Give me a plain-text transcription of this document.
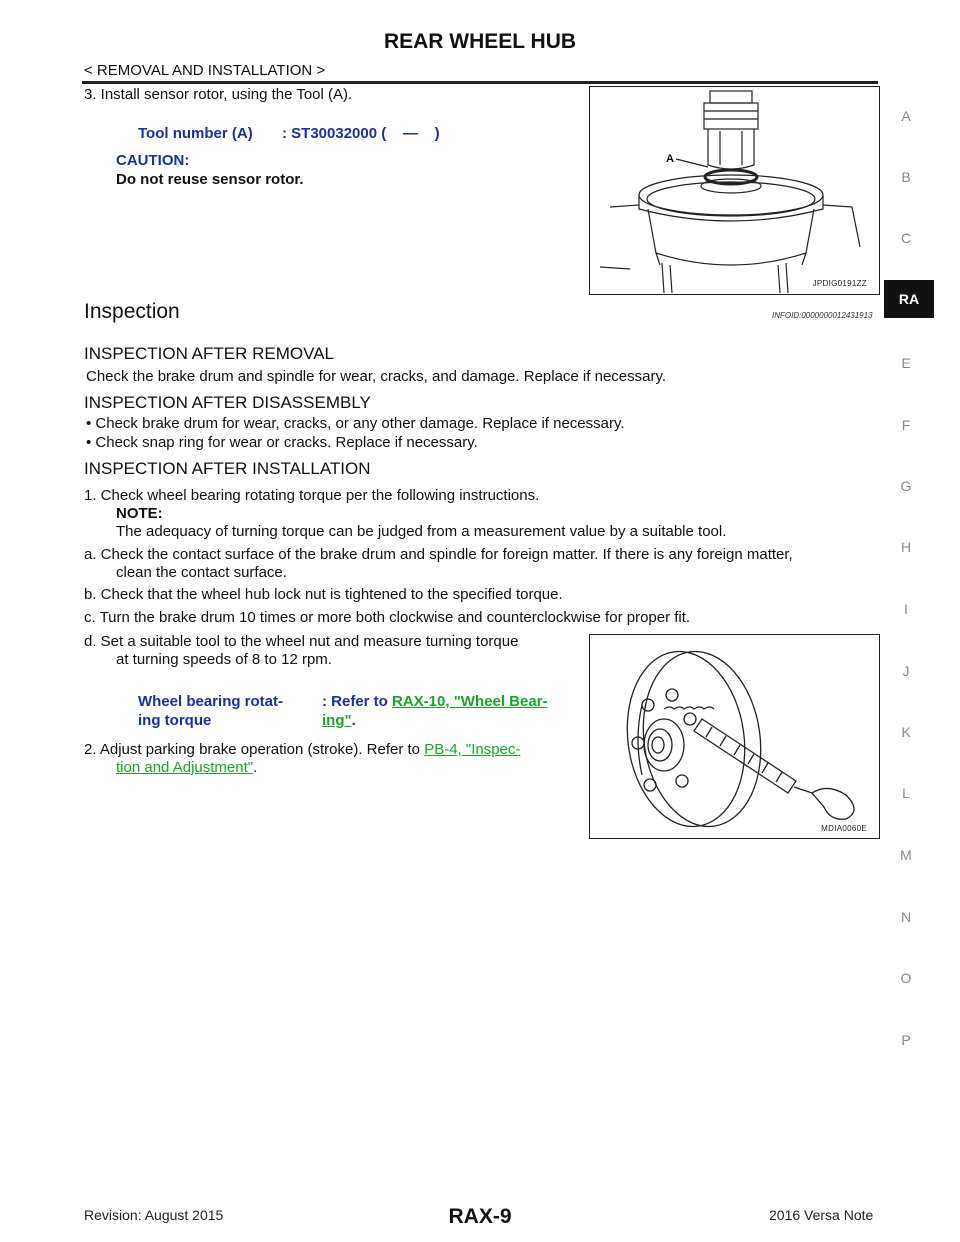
REAR WHEEL HUB
< REMOVAL AND INSTALLATION >
A
B
C
RA
E
F
G
H
I
J
K
L
M
N
O
P
3. Install sensor rotor, using the Tool (A).
Tool number (A) : ST30032000 (    —    )
CAUTION:
Do not reuse sensor rotor.
A
JPDIG0191ZZ
Inspection	INFOID:0000000012431913
INSPECTION AFTER REMOVAL
Check the brake drum and spindle for wear, cracks, and damage. Replace if necessary.
INSPECTION AFTER DISASSEMBLY
• Check brake drum for wear, cracks, or any other damage. Replace if necessary.
• Check snap ring for wear or cracks. Replace if necessary.
INSPECTION AFTER INSTALLATION
1. Check wheel bearing rotating torque per the following instructions.
NOTE:
The adequacy of turning torque can be judged from a measurement value by a suitable tool.
a. Check the contact surface of the brake drum and spindle for foreign matter. If there is any foreign matter,
clean the contact surface.
b. Check that the wheel hub lock nut is tightened to the specified torque.
c. Turn the brake drum 10 times or more both clockwise and counterclockwise for proper fit.
d. Set a suitable tool to the wheel nut and measure turning torque
at turning speeds of 8 to 12 rpm.
Wheel bearing rotat-
ing torque
: Refer to RAX-10, "Wheel Bear-
ing".
2. Adjust parking brake operation (stroke). Refer to PB-4, "Inspec-
tion and Adjustment".
MDIA0060E
Revision: August 2015	RAX-9	2016 Versa Note
